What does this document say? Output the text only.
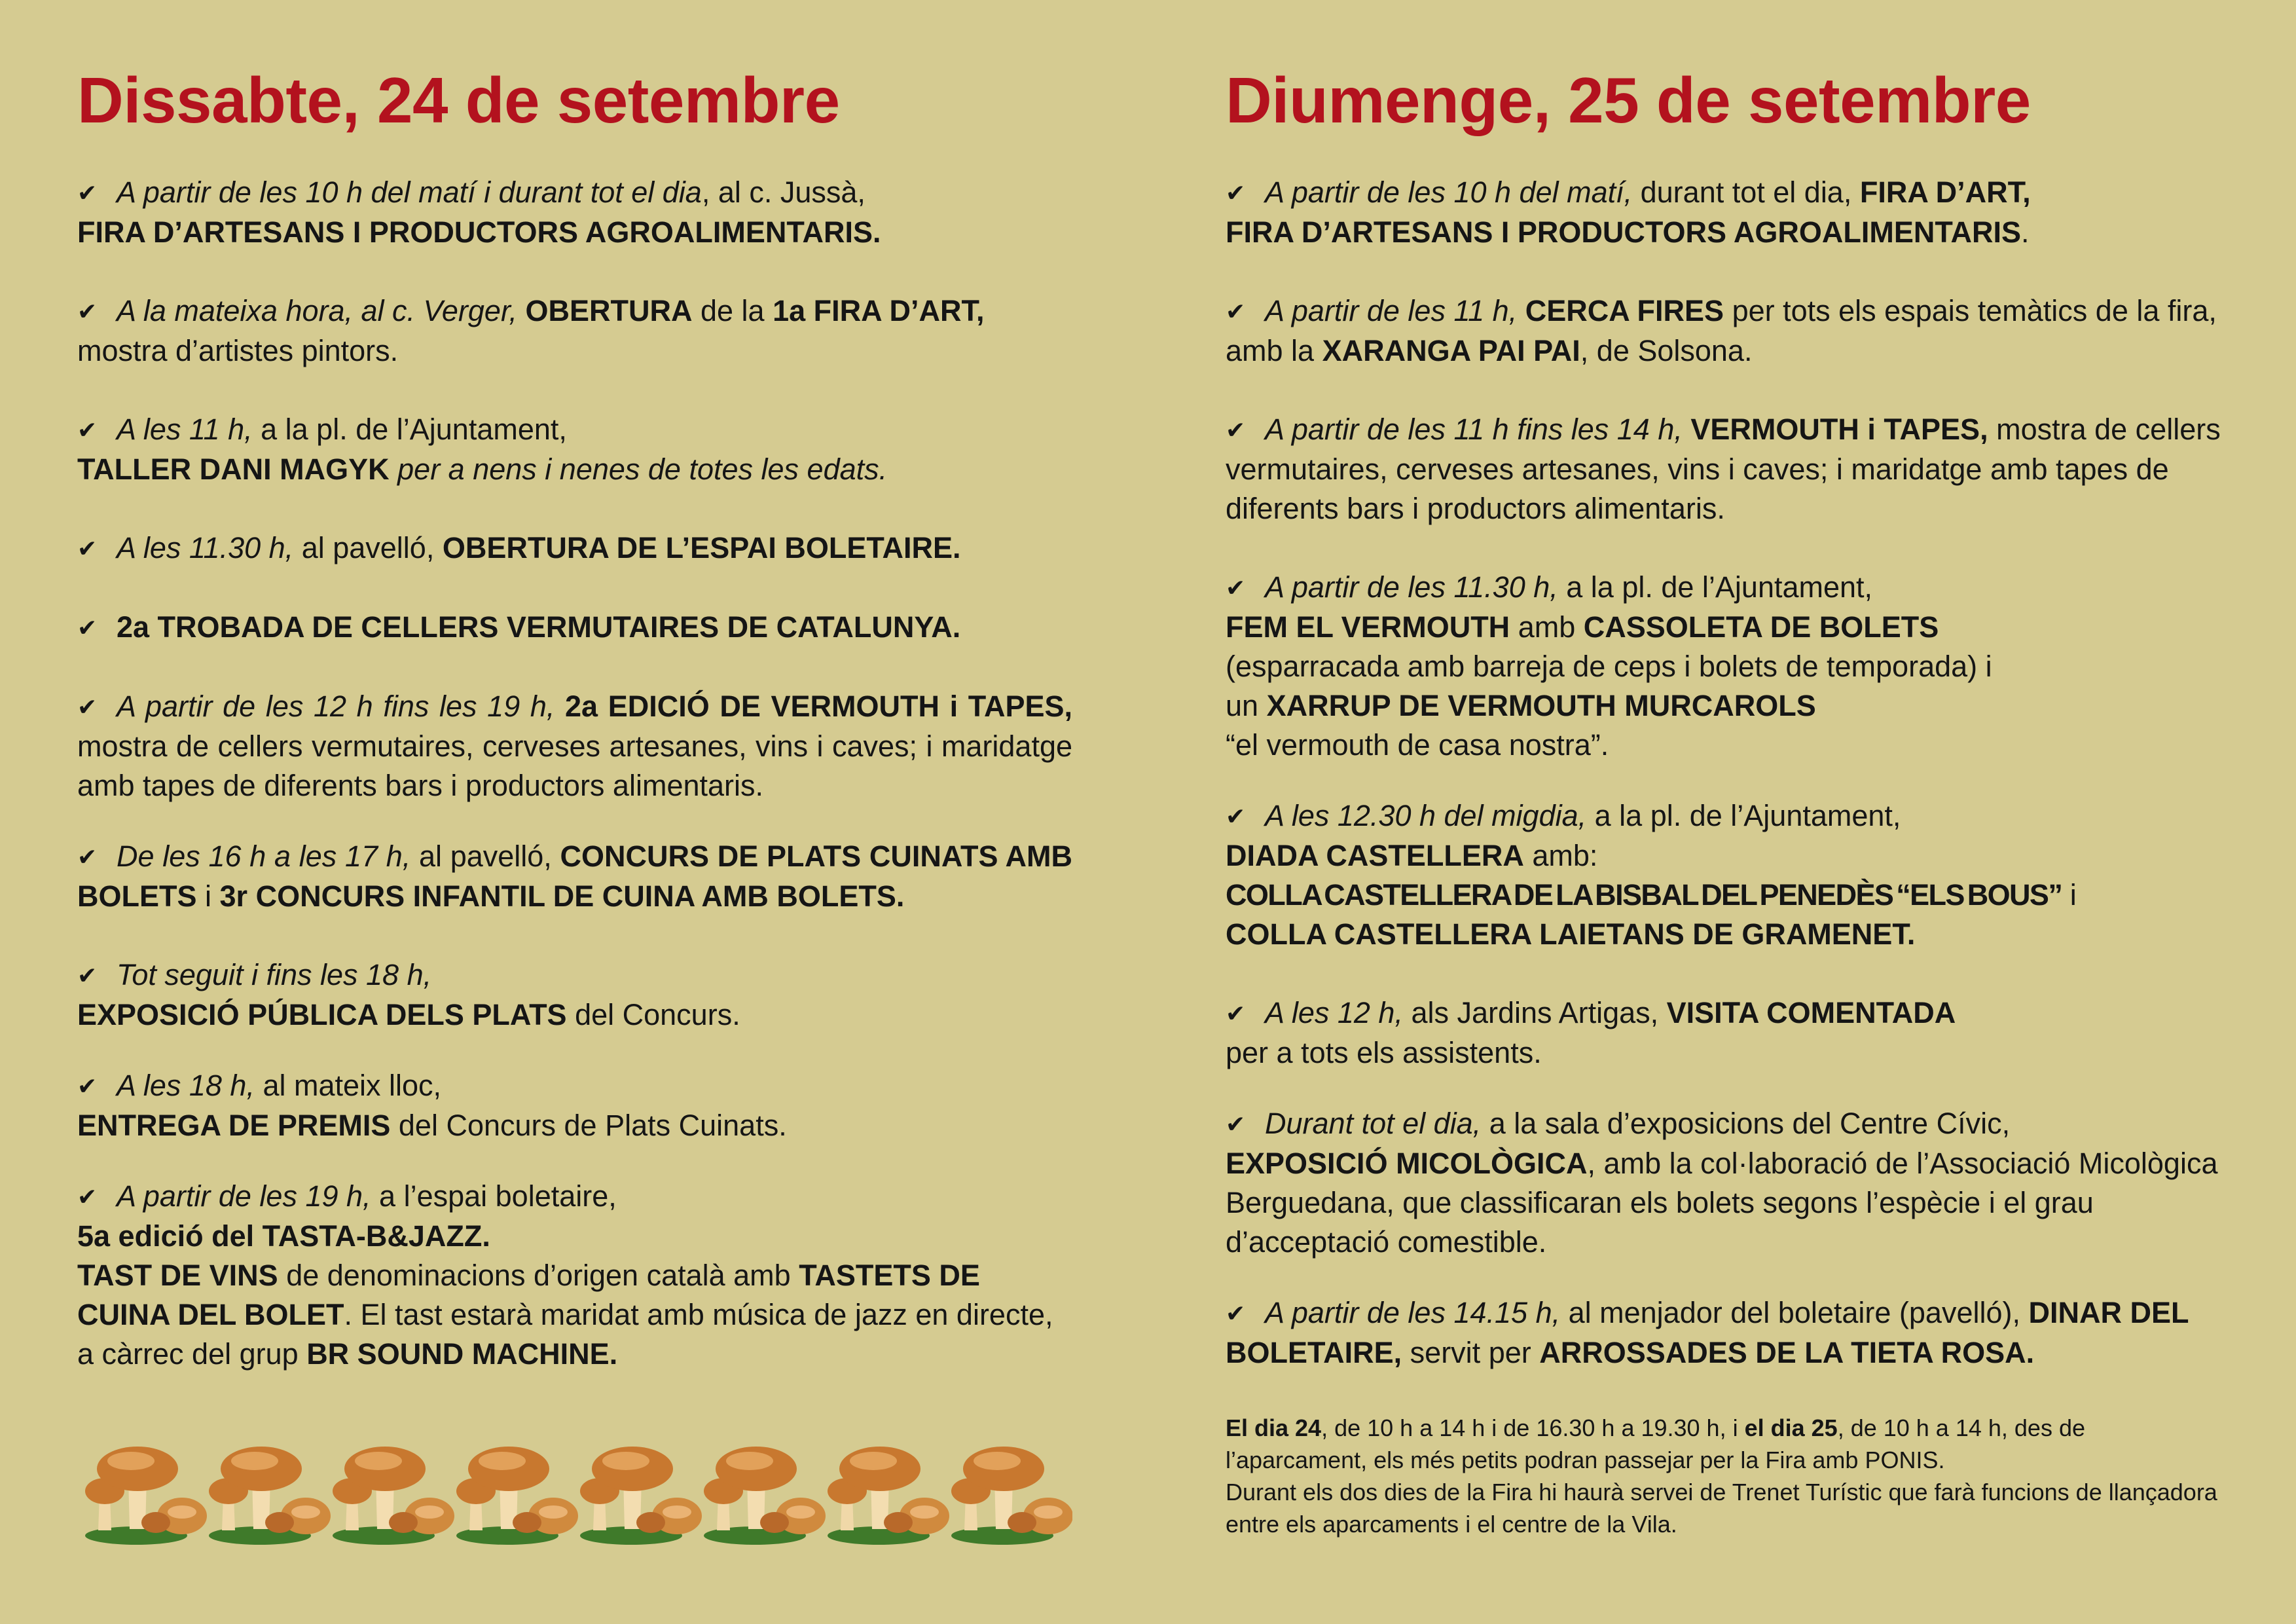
Dissabte, 24 de setembre

✔ A partir de les 10 h del matí i durant tot el dia, al c. Jussà,
FIRA D’ARTESANS I PRODUCTORS AGROALIMENTARIS.

✔ A la mateixa hora, al c. Verger, OBERTURA de la 1a FIRA D’ART, mostra d’artistes pintors.

✔ A les 11 h, a la pl. de l’Ajuntament,
TALLER DANI MAGYK per a nens i nenes de totes les edats.

✔ A les 11.30 h, al pavelló, OBERTURA DE L’ESPAI BOLETAIRE.

✔ 2a TROBADA DE CELLERS VERMUTAIRES DE CATALUNYA.

✔ A partir de les 12 h fins les 19 h, 2a EDICIÓ DE VERMOUTH i TAPES, mostra de cellers vermutaires, cerveses artesanes, vins i caves; i maridatge amb tapes de diferents bars i productors alimentaris.

✔ De les 16 h a les 17 h, al pavelló, CONCURS DE PLATS CUINATS AMB BOLETS i 3r CONCURS INFANTIL DE CUINA AMB BOLETS.

✔ Tot seguit i fins les 18 h,
EXPOSICIÓ PÚBLICA DELS PLATS del Concurs.

✔ A les 18 h, al mateix lloc,
ENTREGA DE PREMIS del Concurs de Plats Cuinats.

✔ A partir de les 19 h, a l’espai boletaire,
5a edició del TASTA-B&JAZZ.
TAST DE VINS de denominacions d’origen català amb TASTETS DE CUINA DEL BOLET. El tast estarà maridat amb música de jazz en directe, a càrrec del grup BR SOUND MACHINE.

Diumenge, 25 de setembre

✔ A partir de les 10 h del matí, durant tot el dia, FIRA D’ART,
FIRA D’ARTESANS I PRODUCTORS AGROALIMENTARIS.

✔ A partir de les 11 h, CERCA FIRES per tots els espais temàtics de la fira, amb la XARANGA PAI PAI, de Solsona.

✔ A partir de les 11 h fins les 14 h, VERMOUTH i TAPES, mostra de cellers vermutaires, cerveses artesanes, vins i caves; i maridatge amb tapes de diferents bars i productors alimentaris.

✔ A partir de les 11.30 h, a la pl. de l’Ajuntament,
FEM EL VERMOUTH amb CASSOLETA DE BOLETS
(esparracada amb barreja de ceps i bolets de temporada) i
un XARRUP DE VERMOUTH MURCAROLS
“el vermouth de casa nostra”.

✔ A les 12.30 h del migdia, a la pl. de l’Ajuntament,
DIADA CASTELLERA amb:
COLLA CASTELLERA DE LA BISBAL DEL PENEDÈS “ELS BOUS” i
COLLA CASTELLERA LAIETANS DE GRAMENET.

✔ A les 12 h, als Jardins Artigas, VISITA COMENTADA
per a tots els assistents.

✔ Durant tot el dia, a la sala d’exposicions del Centre Cívic,
EXPOSICIÓ MICOLÒGICA, amb la col·laboració de l’Associació Micològica Berguedana, que classificaran els bolets segons l’espècie i el grau d’acceptació comestible.

✔ A partir de les 14.15 h, al menjador del boletaire (pavelló), DINAR DEL BOLETAIRE, servit per ARROSSADES DE LA TIETA ROSA.

El dia 24, de 10 h a 14 h i de 16.30 h a 19.30 h, i el dia 25, de 10 h a 14 h, des de l’aparcament, els més petits podran passejar per la Fira amb PONIS.
Durant els dos dies de la Fira hi haurà servei de Trenet Turístic que farà funcions de llançadora entre els aparcaments i el centre de la Vila.
